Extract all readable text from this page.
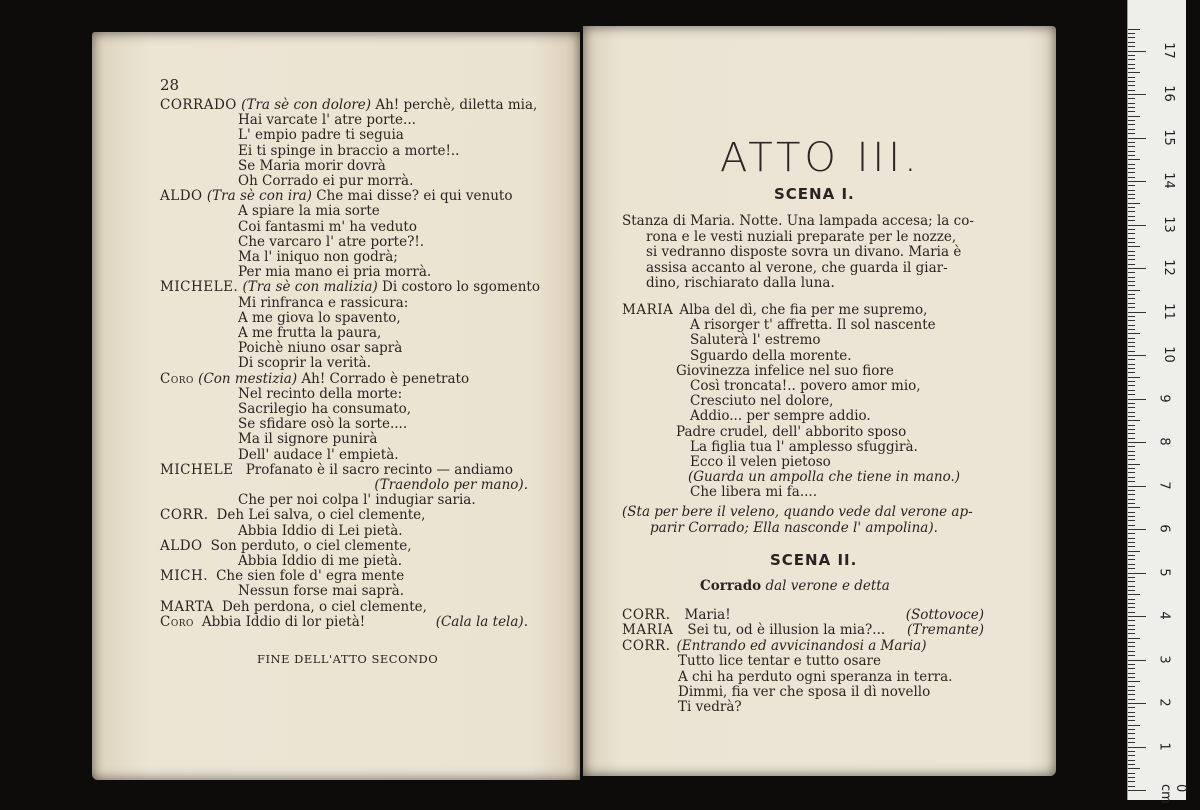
28
CORRADO (Tra sè con dolore) Ah! perchè, diletta mia,
Hai varcate l' atre porte...
L' empio padre ti seguia
Ei ti spinge in braccio a morte!..
Se Maria morir dovrà
Oh Corrado ei pur morrà.
ALDO (Tra sè con ira) Che mai disse? ei qui venuto
A spiare la mia sorte
Coi fantasmi m' ha veduto
Che varcaro l' atre porte?!.
Ma l' iniquo non godrà;
Per mia mano ei pria morrà.
MICHELE. (Tra sè con malizia) Di costoro lo sgomento
Mi rinfranca e rassicura:
A me giova lo spavento,
A me frutta la paura,
Poichè niuno osar saprà
Di scoprir la verità.
Coro (Con mestizia) Ah! Corrado è penetrato
Nel recinto della morte:
Sacrilegio ha consumato,
Se sfidare osò la sorte....
Ma il signore punirà
Dell' audace l' empietà.
MICHELE Profanato è il sacro recinto — andiamo
(Traendolo per mano).
Che per noi colpa l' indugiar saria.
CORR. Deh Lei salva, o ciel clemente,
Abbia Iddio di Lei pietà.
ALDO Son perduto, o ciel clemente,
Abbia Iddio di me pietà.
MICH. Che sien fole d' egra mente
Nessun forse mai saprà.
MARTA Deh perdona, o ciel clemente,
Coro Abbia Iddio di lor pietà!	(Cala la tela).
FINE DELL'ATTO SECONDO
ATTO III.
SCENA I.
Stanza di Maria. Notte. Una lampada accesa; la co-
rona e le vesti nuziali preparate per le nozze,
si vedranno disposte sovra un divano. Maria è
assisa accanto al verone, che guarda il giar-
dino, rischiarato dalla luna.
MARIA Alba del dì, che fia per me supremo,
A risorger t' affretta. Il sol nascente
Saluterà l' estremo
Sguardo della morente.
Giovinezza infelice nel suo fiore
Così troncata!.. povero amor mio,
Cresciuto nel dolore,
Addio... per sempre addio.
Padre crudel, dell' abborito sposo
La figlia tua l' amplesso sfuggirà.
Ecco il velen pietoso
(Guarda un ampolla che tiene in mano.)
Che libera mi fa....
(Sta per bere il veleno, quando vede dal verone ap-
parir Corrado; Ella nasconde l' ampolina).
CORR. Maria!	(Sottovoce)
MARIA Sei tu, od è illusion la mia?... (Tremante)
CORR. (Entrando ed avvicinandosi a Maria)
Tutto lice tentar e tutto osare
A chi ha perduto ogni speranza in terra.
Dimmi, fia ver che sposa il dì novello
Ti vedrà?
SCENA II.
Corrado dal verone e detta
17
16
15
14
13
12
11
10
9
8
7
6
5
4
3
2
1
0 cm
